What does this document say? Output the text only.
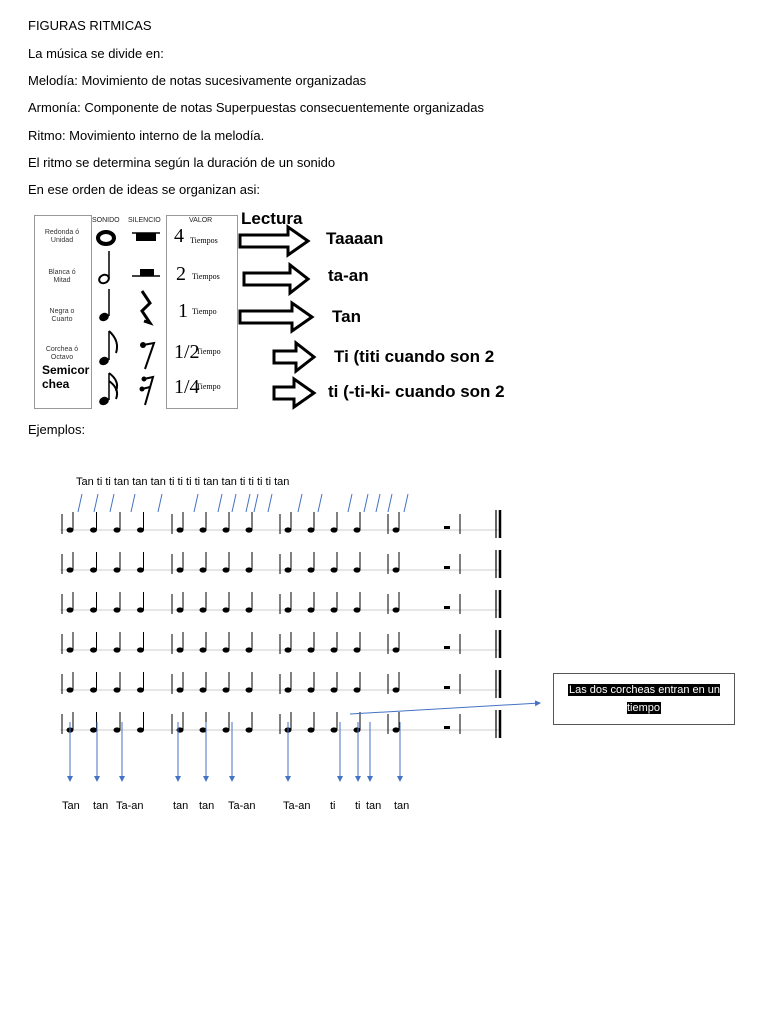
FIGURAS RITMICAS
La música se divide en:
Melodía: Movimiento de notas sucesivamente organizadas
Armonía: Componente de notas Superpuestas consecuentemente organizadas
Ritmo: Movimiento interno de la melodía.
El ritmo se determina según la duración de un sonido
En ese orden de ideas se organizan asi:
SONIDO SILENCIO	VALOR Lectura
Redonda ó Unidad
Blanca ó Mitad
Negra o Cuarto
Corchea ó Octavo
Semicor chea
4 Tiempos
2 Tiempos
1 Tiempo
1/2
Tiempo
1/4
Tiempo
Taaaan
ta-an
Tan
Ti (titi cuando son 2
ti (-ti-ki- cuando son 2
Ejemplos:
Tan ti ti tan tan tan ti ti ti ti tan tan ti ti ti ti tan
Tan tan Ta-an	tan tan Ta-an Ta-an ti ti tan tan
Las dos corcheas entran en un tiempo
